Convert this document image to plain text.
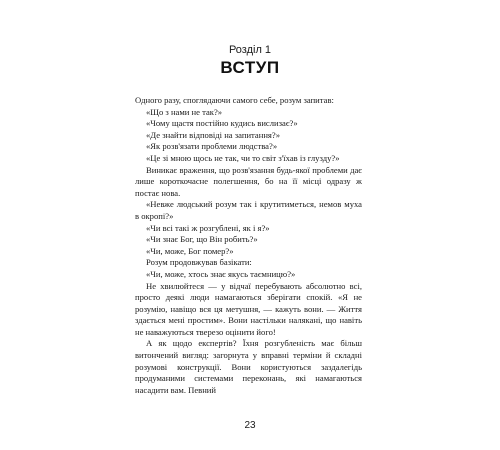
Розділ 1
ВСТУП

Одного разу, споглядаючи самого себе, розум запитав:

«Що з нами не так?»

«Чому щастя постійно кудись вислизає?»

«Де знайти відповіді на запитання?»

«Як розв'язати проблеми людства?»

«Це зі мною щось не так, чи то світ з'їхав із глузду?»

Виникає враження, що розв'язання будь-якої проблеми дає лише короткочасне полегшення, бо на її місці одразу ж постає нова.

«Невже людський розум так і крутитиметься, немов муха в окропі?»

«Чи всі такі ж розгублені, як і я?»

«Чи знає Бог, що Він робить?»

«Чи, може, Бог помер?»

Розум продовжував базікати:

«Чи, може, хтось знає якусь таємницю?»

Не хвилюйтеся — у відчаї перебувають абсолютно всі, просто деякі люди намагаються зберігати спокій. «Я не розумію, навіщо вся ця метушня, — кажуть вони. — Життя здається мені простим». Вони настільки наляканi, що навіть не наважуються тверезо оцінити його!

А як щодо експертів? Їхня розгубленість має більш витончений вигляд: загорнута у вправні терміни й складні розумові конструкції. Вони користуються заздалегідь продуманими системами переконань, які намагаються насадити вам. Певний

23
